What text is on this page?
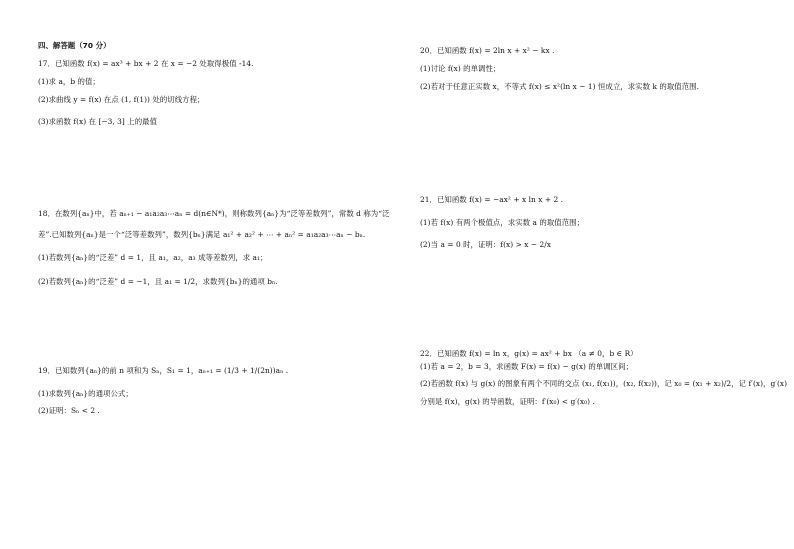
四、解答题（70 分）
17．已知函数 f(x) = ax³ + bx + 2 在 x = −2 处取得极值 -14.
(1)求 a，b 的值；
(2)求曲线 y = f(x) 在点 (1, f(1)) 处的切线方程；
(3)求函数 f(x) 在 [−3, 3] 上的最值
18．在数列{aₙ}中，若 aₙ₊₁ − a₁a₂a₃⋯aₙ = d(n∈N*)，则称数列{aₙ}为“泛等差数列”，常数 d 称为“泛
差”.已知数列{aₙ}是一个“泛等差数列”，数列{bₙ}满足 a₁² + a₂² + ⋯ + aₙ² = a₁a₂a₃⋯aₙ − bₙ.
(1)若数列{aₙ}的“泛差” d = 1，且 a₁，a₂，a₃ 成等差数列，求 a₁；
(2)若数列{aₙ}的“泛差” d = −1，且 a₁ = 1/2，求数列{bₙ}的通项 bₙ.
19．已知数列{aₙ}的前 n 项和为 Sₙ，S₁ = 1，aₙ₊₁ = (1/3 + 1/(2n))aₙ .
(1)求数列{aₙ}的通项公式；
(2)证明：Sₙ < 2 .
20．已知函数 f(x) = 2ln x + x² − kx .
(1)讨论 f(x) 的单调性；
(2)若对于任意正实数 x，不等式 f(x) ≤ x²(ln x − 1) 恒成立，求实数 k 的取值范围.
21．已知函数 f(x) = −ax² + x ln x + 2 .
(1)若 f(x) 有两个极值点，求实数 a 的取值范围；
(2)当 a = 0 时，证明：f(x) > x − 2/x
22．已知函数 f(x) = ln x，g(x) = ax² + bx （a ≠ 0，b ∈ R）
(1)若 a = 2，b = 3，求函数 F(x) = f(x) − g(x) 的单调区间；
(2)若函数 f(x) 与 g(x) 的图象有两个不同的交点 (x₁, f(x₁))，(x₂, f(x₂))，记 x₀ = (x₁ + x₂)/2，记 f′(x)，g′(x)
分别是 f(x)，g(x) 的导函数，证明：f′(x₀) < g′(x₀) .
